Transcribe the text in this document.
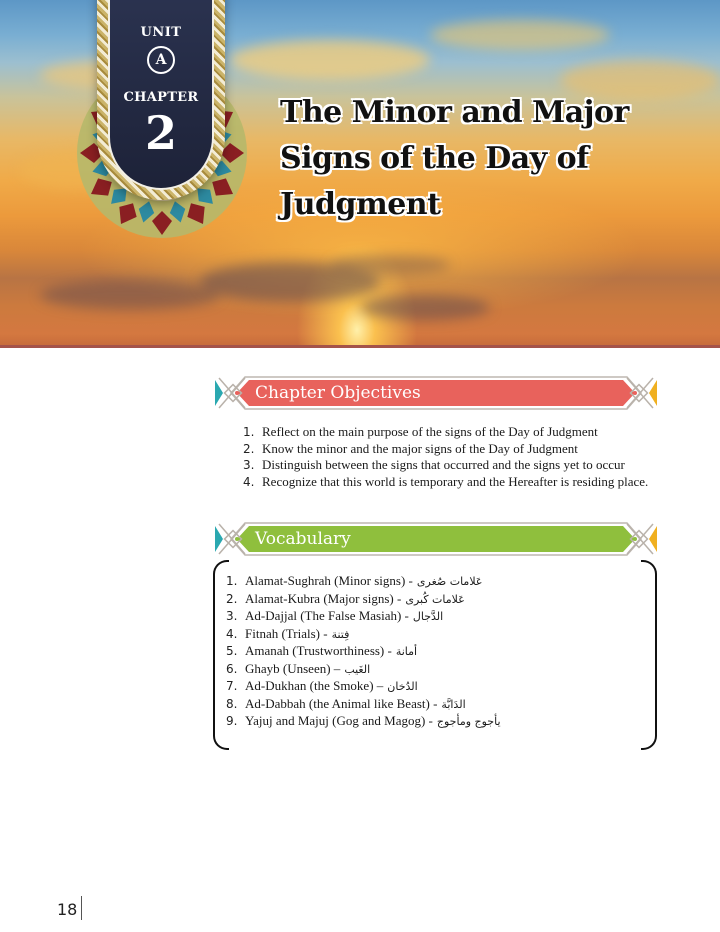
UNIT
A
CHAPTER
2	The Minor and Major
Signs of the Day of
Judgment
Chapter Objectives
1. Reflect on the main purpose of the signs of the Day of Judgment
2. Know the minor and the major signs of the Day of Judgment
3. Distinguish between the signs that occurred and the signs yet to occur
4. Recognize that this world is temporary and the Hereafter is residing place.
Vocabulary
1. Alamat-Sughrah (Minor signs) - عَلامات صُغرى
2. Alamat-Kubra (Major signs) - عَلامات كُبرى
3. Ad-Dajjal (The False Masiah) - الدَّجال
4. Fitnah (Trials) - فِتنة
5. Amanah (Trustworthiness) - أمانة
6. Ghayb (Unseen) – الغَيب
7. Ad-Dukhan (the Smoke) – الدُخان
8. Ad-Dabbah (the Animal like Beast) - الدَابَّة
9. Yajuj and Majuj (Gog and Magog) - يأجوج ومأجوج
18
